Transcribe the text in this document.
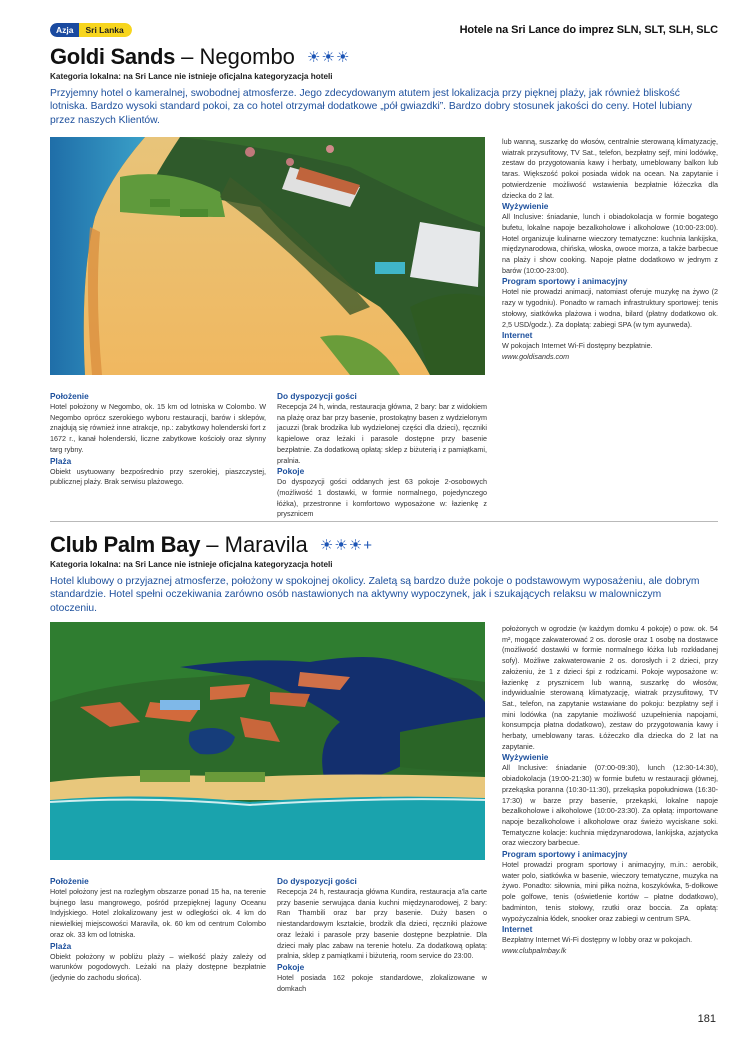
Azja	Sri Lanka	Hotele na Sri Lance do imprez SLN, SLT, SLH, SLC
Goldi Sands – Negombo ☀☀☀
Kategoria lokalna: na Sri Lance nie istnieje oficjalna kategoryzacja hoteli
Przyjemny hotel o kameralnej, swobodnej atmosferze. Jego zdecydowanym atutem jest lokalizacja przy pięknej plaży, jak również bliskość lotniska. Bardzo wysoki standard pokoi, za co hotel otrzymał dodatkowe „pół gwiazdki”. Bardzo dobry stosunek jakości do ceny. Hotel lubiany przez naszych Klientów.
Położenie

Hotel położony w Negombo, ok. 15 km od lotniska w Colombo. W Negombo oprócz szerokiego wyboru restauracji, barów i sklepów, znajdują się również inne atrakcje, np.: zabytkowy holenderski fort z 1672 r., kanał holenderski, liczne zabytkowe kościoły oraz słynny targ rybny.

Plaża

Obiekt usytuowany bezpośrednio przy szerokiej, piaszczystej, publicznej plaży. Brak serwisu plażowego.

Do dyspozycji gości

Recepcja 24 h, winda, restauracja główna, 2 bary: bar z widokiem na plażę oraz bar przy basenie, prostokątny basen z wydzielonym jacuzzi (brak brodzika lub wydzielonej części dla dzieci), ręczniki kąpielowe oraz leżaki i parasole dostępne przy basenie bezpłatnie. Za dodatkową opłatą: sklep z biżuterią i z pamiątkami, pralnia.

Pokoje

Do dyspozycji gości oddanych jest 63 pokoje 2-osobowych (możliwość 1 dostawki, w formie normalnego, pojedynczego łóżka), przestronne i komfortowo wyposażone w: łazienkę z prysznicem

lub wanną, suszarkę do włosów, centralnie sterowaną klimatyzację, wiatrak przysufitowy, TV Sat., telefon, bezpłatny sejf, mini lodówkę, zestaw do przygotowania kawy i herbaty, umeblowany balkon lub taras. Większość pokoi posiada widok na ocean. Na zapytanie i potwierdzenie możliwość wstawienia bezpłatnie łóżeczka dla dziecka do 2 lat.

Wyżywienie

All Inclusive: śniadanie, lunch i obiadokolacja w formie bogatego bufetu, lokalne napoje bezalkoholowe i alkoholowe (10:00-23:00). Hotel organizuje kulinarne wieczory tematyczne: kuchnia lankijska, międzynarodowa, chińska, włoska, owoce morza, a także barbecue na plaży i show cooking. Napoje płatne dodatkowo w jednym z barów (10:00-23:00).

Program sportowy i animacyjny

Hotel nie prowadzi animacji, natomiast oferuje muzykę na żywo (2 razy w tygodniu). Ponadto w ramach infrastruktury sportowej: tenis stołowy, siatkówka plażowa i wodna, bilard (płatny dodatkowo ok. 2,5 USD/godz.). Za dopłatą: zabiegi SPA (w tym ayurweda).

Internet

W pokojach Internet Wi-Fi dostępny bezpłatnie.

www.goldisands.com

Club Palm Bay – Maravila ☀☀☀+
Kategoria lokalna: na Sri Lance nie istnieje oficjalna kategoryzacja hoteli
Hotel klubowy o przyjaznej atmosferze, położony w spokojnej okolicy. Zaletą są bardzo duże pokoje o podstawowym wyposażeniu, ale dobrym standardzie. Hotel spełni oczekiwania zarówno osób nastawionych na aktywny wypoczynek, jak i szukających relaksu w malowniczym otoczeniu.
Położenie

Hotel położony jest na rozległym obszarze ponad 15 ha, na terenie bujnego lasu mangrowego, pośród przepięknej laguny Oceanu Indyjskiego. Hotel zlokalizowany jest w odległości ok. 4 km do niewielkiej miejscowości Maravila, ok. 60 km od centrum Colombo oraz ok. 33 km od lotniska.

Plaża

Obiekt położony w pobliżu plaży – wielkość plaży zależy od warunków pogodowych. Leżaki na plaży dostępne bezpłatnie (jedynie do zachodu słońca).

Do dyspozycji gości

Recepcja 24 h, restauracja główna Kundira, restauracja a'la carte przy basenie serwująca dania kuchni międzynarodowej, 2 bary: Ran Thambili oraz bar przy basenie. Duży basen o niestandardowym kształcie, brodzik dla dzieci, ręczniki plażowe oraz leżaki i parasole przy basenie dostępne bezpłatnie. Dla dzieci mały plac zabaw na terenie hotelu. Za dodatkową opłatą: pralnia, sklep z pamiątkami i biżuterią, room service do 23:00.

Pokoje

Hotel posiada 162 pokoje standardowe, zlokalizowane w domkach

położonych w ogrodzie (w każdym domku 4 pokoje) o pow. ok. 54 m², mogące zakwaterować 2 os. dorosłe oraz 1 osobę na dostawce (możliwość dostawki w formie normalnego łóżka lub rozkładanej sofy). Możliwe zakwaterowanie 2 os. dorosłych i 2 dzieci, przy założeniu, że 1 z dzieci śpi z rodzicami. Pokoje wyposażone w: łazienkę z prysznicem lub wanną, suszarkę do włosów, indywidualnie sterowaną klimatyzację, wiatrak przysufitowy, TV Sat., telefon, na zapytanie wstawiane do pokoju: bezpłatny sejf i mini lodówka (na zapytanie możliwość uzupełnienia napojami, konsumpcja płatna dodatkowo), zestaw do przygotowania kawy i herbaty, umeblowany taras. Łóżeczko dla dziecka do 2 lat na zapytanie.

Wyżywienie

All Inclusive: śniadanie (07:00-09:30), lunch (12:30-14:30), obiadokolacja (19:00-21:30) w formie bufetu w restauracji głównej, przekąska poranna (10:30-11:30), przekąska popołudniowa (16:30-17:30) w barze przy basenie, przekąski, lokalne napoje bezalkoholowe i alkoholowe (10:00-23:30). Za opłatą: importowane napoje bezalkoholowe i alkoholowe oraz świeżo wyciskane soki. Tematyczne kolacje: kuchnia międzynarodowa, lankijska, azjatycka oraz wieczory barbecue.

Program sportowy i animacyjny

Hotel prowadzi program sportowy i animacyjny, m.in.: aerobik, water polo, siatkówka w basenie, wieczory tematyczne, muzyka na żywo. Ponadto: siłownia, mini piłka nożna, koszykówka, 5-dołkowe pole golfowe, tenis (oświetlenie kortów – płatne dodatkowo), badminton, tenis stołowy, rzutki oraz boccia. Za opłatą: wypożyczalnia łódek, snooker oraz zabiegi w centrum SPA.

Internet

Bezpłatny Internet Wi-Fi dostępny w lobby oraz w pokojach.

www.clubpalmbay.lk

181
